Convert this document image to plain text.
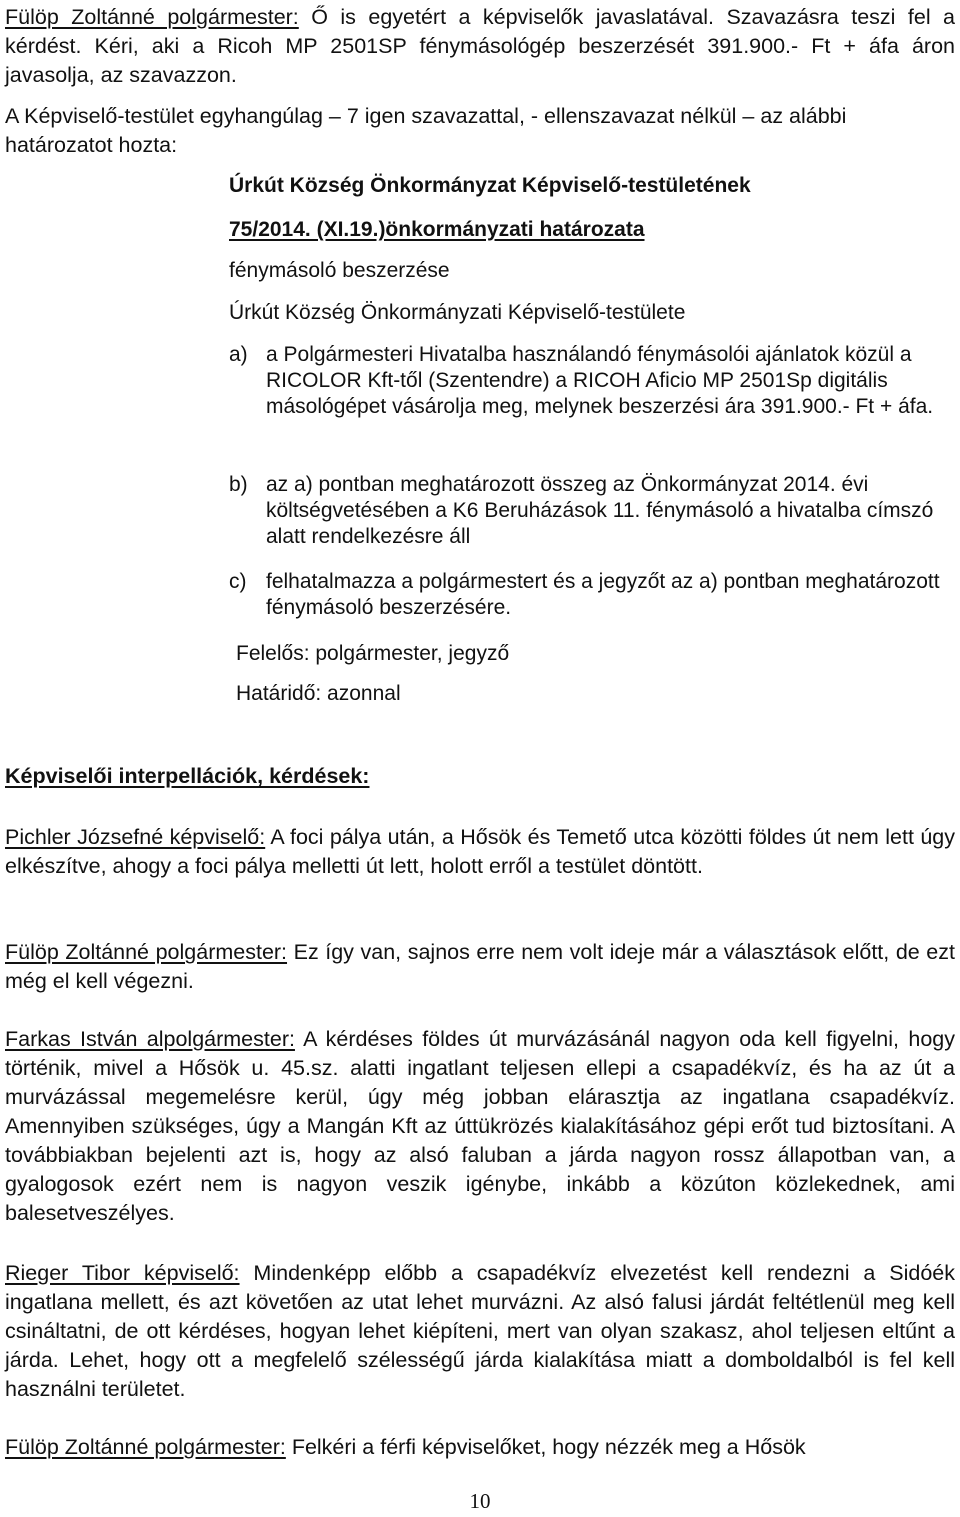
Fülöp Zoltánné polgármester: Ő is egyetért a képviselők javaslatával. Szavazásra teszi fel a kérdést. Kéri, aki a Ricoh MP 2501SP fénymásológép beszerzését 391.900.- Ft + áfa áron javasolja, az szavazzon.

A Képviselő-testület egyhangúlag – 7 igen szavazattal, - ellenszavazat nélkül – az alábbi határozatot hozta:

Úrkút Község Önkormányzat Képviselő-testületének

75/2014. (XI.19.)önkormányzati határozata

fénymásoló beszerzése

Úrkút Község Önkormányzati Képviselő-testülete

a) a Polgármesteri Hivatalba használandó fénymásolói ajánlatok közül a RICOLOR Kft-től (Szentendre) a RICOH Aficio MP 2501Sp digitális másológépet vásárolja meg, melynek beszerzési ára 391.900.- Ft + áfa.
b) az a) pontban meghatározott összeg az Önkormányzat 2014. évi költségvetésében a K6 Beruházások 11. fénymásoló a hivatalba címszó alatt rendelkezésre áll
c) felhatalmazza a polgármestert és a jegyzőt az a) pontban meghatározott fénymásoló beszerzésére.

Felelős: polgármester, jegyző

Határidő: azonnal

Képviselői interpellációk, kérdések:

Pichler Józsefné képviselő: A foci pálya után, a Hősök és Temető utca közötti földes út nem lett úgy elkészítve, ahogy a foci pálya melletti út lett, holott erről a testület döntött.

Fülöp Zoltánné polgármester: Ez így van, sajnos erre nem volt ideje már a választások előtt, de ezt még el kell végezni.

Farkas István alpolgármester: A kérdéses földes út murvázásánál nagyon oda kell figyelni, hogy történik, mivel a Hősök u. 45.sz. alatti ingatlant teljesen ellepi a csapadékvíz, és ha az út a murvázással megemelésre kerül, úgy még jobban elárasztja az ingatlana csapadékvíz. Amennyiben szükséges, úgy a Mangán Kft az úttükrözés kialakításához gépi erőt tud biztosítani. A továbbiakban bejelenti azt is, hogy az alsó faluban a járda nagyon rossz állapotban van, a gyalogosok ezért nem is nagyon veszik igénybe, inkább a közúton közlekednek, ami balesetveszélyes.

Rieger Tibor képviselő: Mindenképp előbb a csapadékvíz elvezetést kell rendezni a Sidóék ingatlana mellett, és azt követően az utat lehet murvázni. Az alsó falusi járdát feltétlenül meg kell csináltatni, de ott kérdéses, hogyan lehet kiépíteni, mert van olyan szakasz, ahol teljesen eltűnt a járda. Lehet, hogy ott a megfelelő szélességű járda kialakítása miatt a domboldalból is fel kell használni területet.

Fülöp Zoltánné polgármester: Felkéri a férfi képviselőket, hogy nézzék meg a Hősök

10
